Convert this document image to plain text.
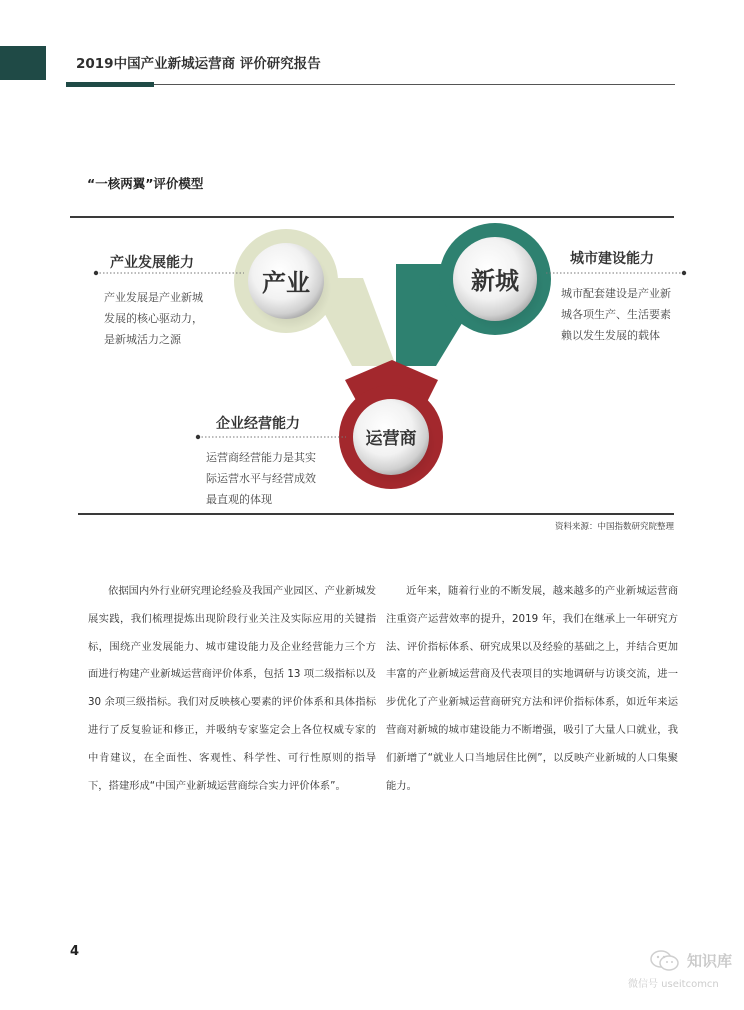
2019中国产业新城运营商 评价研究报告
“一核两翼”评价模型
产业	新城
运营商
产业发展能力
产业发展是产业新城
发展的核心驱动力，
是新城活力之源
城市建设能力
城市配套建设是产业新
城各项生产、生活要素
赖以发生发展的载体
企业经营能力
运营商经营能力是其实
际运营水平与经营成效
最直观的体现
资料来源：中国指数研究院整理
依据国内外行业研究理论经验及我国产业园区、产业新城发展实践，我们梳理提炼出现阶段行业关注及实际应用的关键指标，围绕产业发展能力、城市建设能力及企业经营能力三个方面进行构建产业新城运营商评价体系，包括 13 项二级指标以及 30 余项三级指标。我们对反映核心要素的评价体系和具体指标进行了反复验证和修正，并吸纳专家鉴定会上各位权威专家的中肯建议，在全面性、客观性、科学性、可行性原则的指导下，搭建形成“中国产业新城运营商综合实力评价体系”。
近年来，随着行业的不断发展，越来越多的产业新城运营商注重资产运营效率的提升，2019 年，我们在继承上一年研究方法、评价指标体系、研究成果以及经验的基础之上，并结合更加丰富的产业新城运营商及代表项目的实地调研与访谈交流，进一步优化了产业新城运营商研究方法和评价指标体系，如近年来运营商对新城的城市建设能力不断增强，吸引了大量人口就业，我们新增了“就业人口当地居住比例”，以反映产业新城的人口集聚能力。
4
知识库
微信号 useitcomcn
